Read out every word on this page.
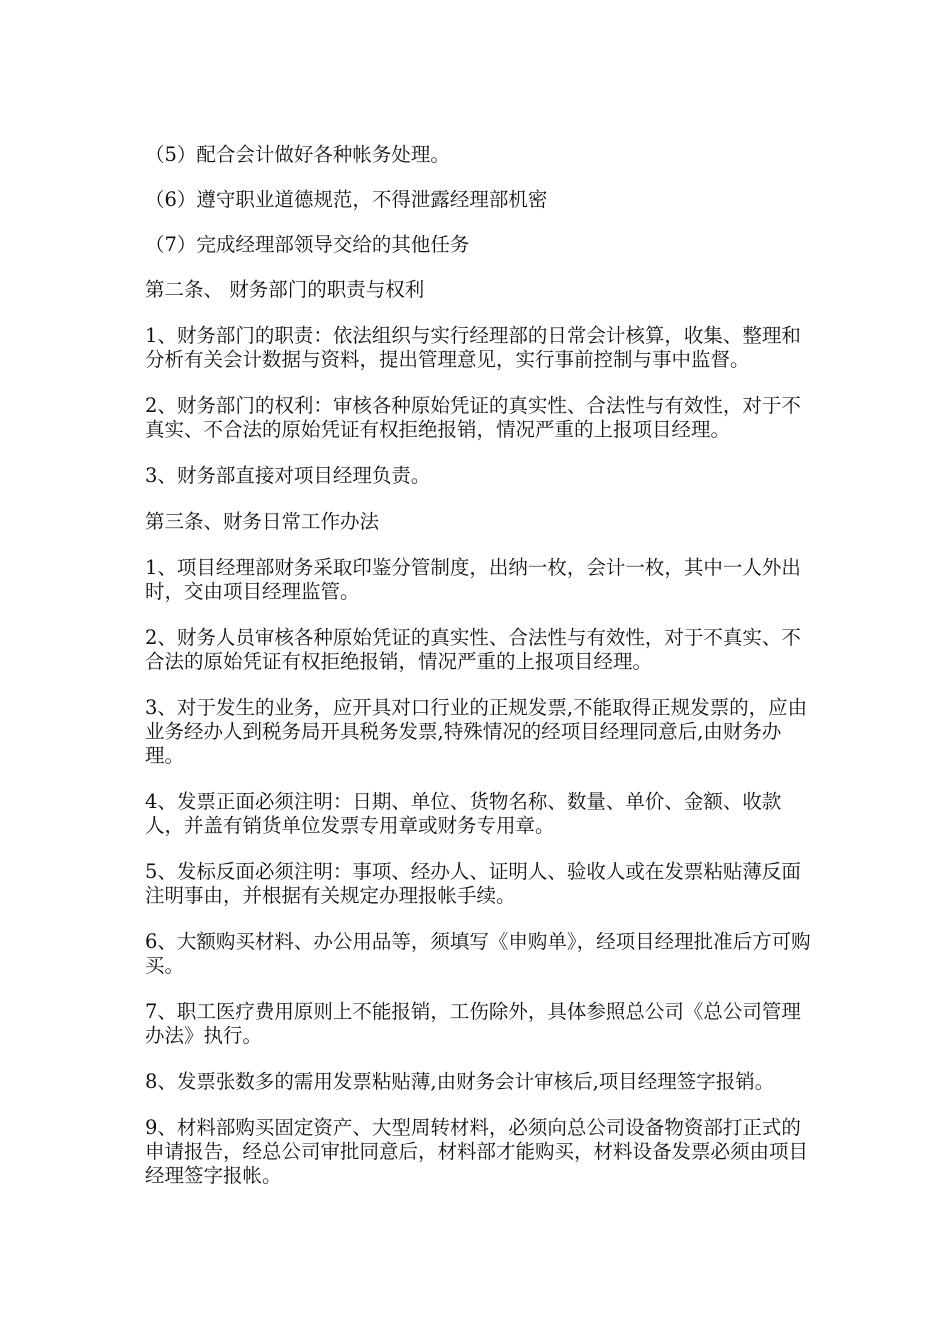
（5）配合会计做好各种帐务处理。

（6）遵守职业道德规范，不得泄露经理部机密

（7）完成经理部领导交给的其他任务

第二条、 财务部门的职责与权利

1、财务部门的职责：依法组织与实行经理部的日常会计核算，收集、整理和分析有关会计数据与资料，提出管理意见，实行事前控制与事中监督。

2、财务部门的权利：审核各种原始凭证的真实性、合法性与有效性，对于不真实、不合法的原始凭证有权拒绝报销，情况严重的上报项目经理。

3、财务部直接对项目经理负责。

第三条、财务日常工作办法

1、项目经理部财务采取印鉴分管制度，出纳一枚，会计一枚，其中一人外出时，交由项目经理监管。

2、财务人员审核各种原始凭证的真实性、合法性与有效性，对于不真实、不合法的原始凭证有权拒绝报销，情况严重的上报项目经理。

3、对于发生的业务，应开具对口行业的正规发票,不能取得正规发票的，应由业务经办人到税务局开具税务发票,特殊情况的经项目经理同意后,由财务办理。

4、发票正面必须注明：日期、单位、货物名称、数量、单价、金额、收款人，并盖有销货单位发票专用章或财务专用章。

5、发标反面必须注明：事项、经办人、证明人、验收人或在发票粘贴薄反面注明事由，并根据有关规定办理报帐手续。

6、大额购买材料、办公用品等，须填写《申购单》，经项目经理批准后方可购买。

7、职工医疗费用原则上不能报销，工伤除外，具体参照总公司《总公司管理办法》执行。

8、发票张数多的需用发票粘贴薄,由财务会计审核后,项目经理签字报销。

9、材料部购买固定资产、大型周转材料，必须向总公司设备物资部打正式的申请报告，经总公司审批同意后，材料部才能购买，材料设备发票必须由项目经理签字报帐。
